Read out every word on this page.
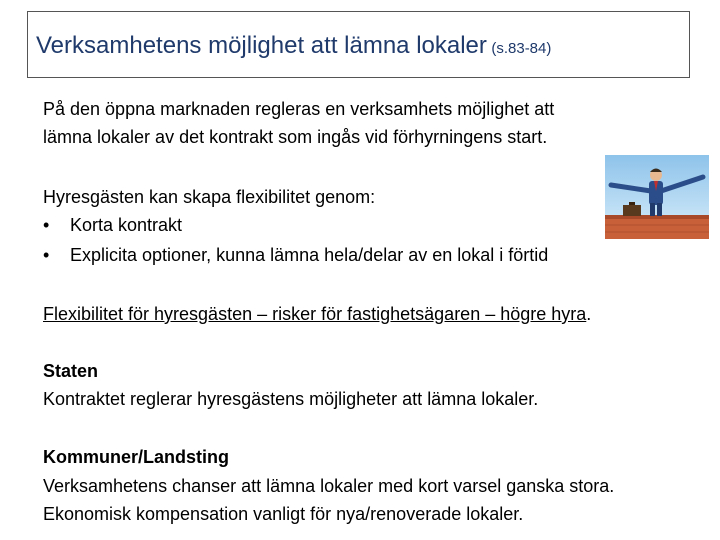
Verksamhetens möjlighet att lämna lokaler (s.83-84)
På den öppna marknaden regleras en verksamhets möjlighet att
lämna lokaler av det kontrakt som ingås vid förhyrningens start.
Hyresgästen kan skapa flexibilitet genom:
• Korta kontrakt
• Explicita optioner, kunna lämna hela/delar av en lokal i förtid
Flexibilitet för hyresgästen – risker för fastighetsägaren – högre hyra.
Staten
Kontraktet reglerar hyresgästens möjligheter att lämna lokaler.
Kommuner/Landsting
Verksamhetens chanser att lämna lokaler med kort varsel ganska stora.
Ekonomisk kompensation vanligt för nya/renoverade lokaler.
